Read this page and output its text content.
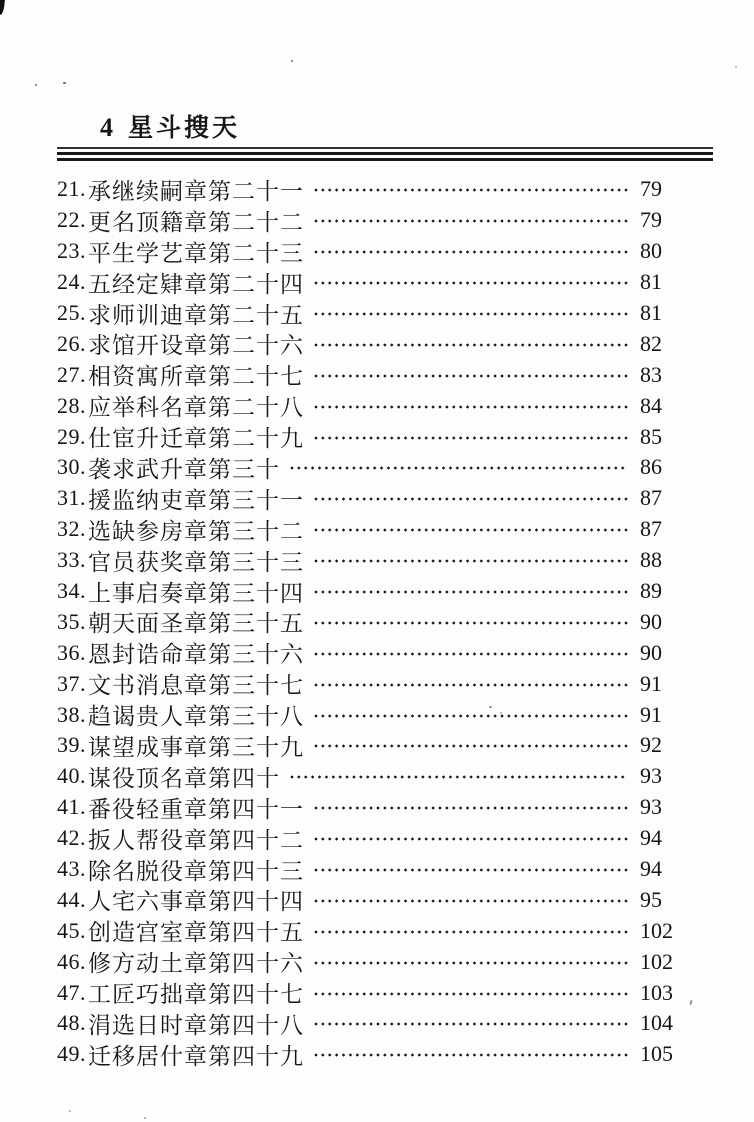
4 星斗搜天
21. 承继续嗣章第二十一	79
22. 更名顶籍章第二十二	79
23. 平生学艺章第二十三	80
24. 五经定肄章第二十四	81
25. 求师训迪章第二十五	81
26. 求馆开设章第二十六	82
27. 相资寓所章第二十七	83
28. 应举科名章第二十八	84
29. 仕宦升迁章第二十九	85
30. 袭求武升章第三十	86
31. 援监纳吏章第三十一	87
32. 选缺参房章第三十二	87
33. 官员获奖章第三十三	88
34. 上事启奏章第三十四	89
35. 朝天面圣章第三十五	90
36. 恩封诰命章第三十六	90
37. 文书消息章第三十七	91
38. 趋谒贵人章第三十八	91
39. 谋望成事章第三十九	92
40. 谋役顶名章第四十	93
41. 番役轻重章第四十一	93
42. 扳人帮役章第四十二	94
43. 除名脱役章第四十三	94
44. 人宅六事章第四十四	95
45. 创造宫室章第四十五	102
46. 修方动土章第四十六	102
47. 工匠巧拙章第四十七	103
48. 涓选日时章第四十八	104
49. 迁移居什章第四十九	105
